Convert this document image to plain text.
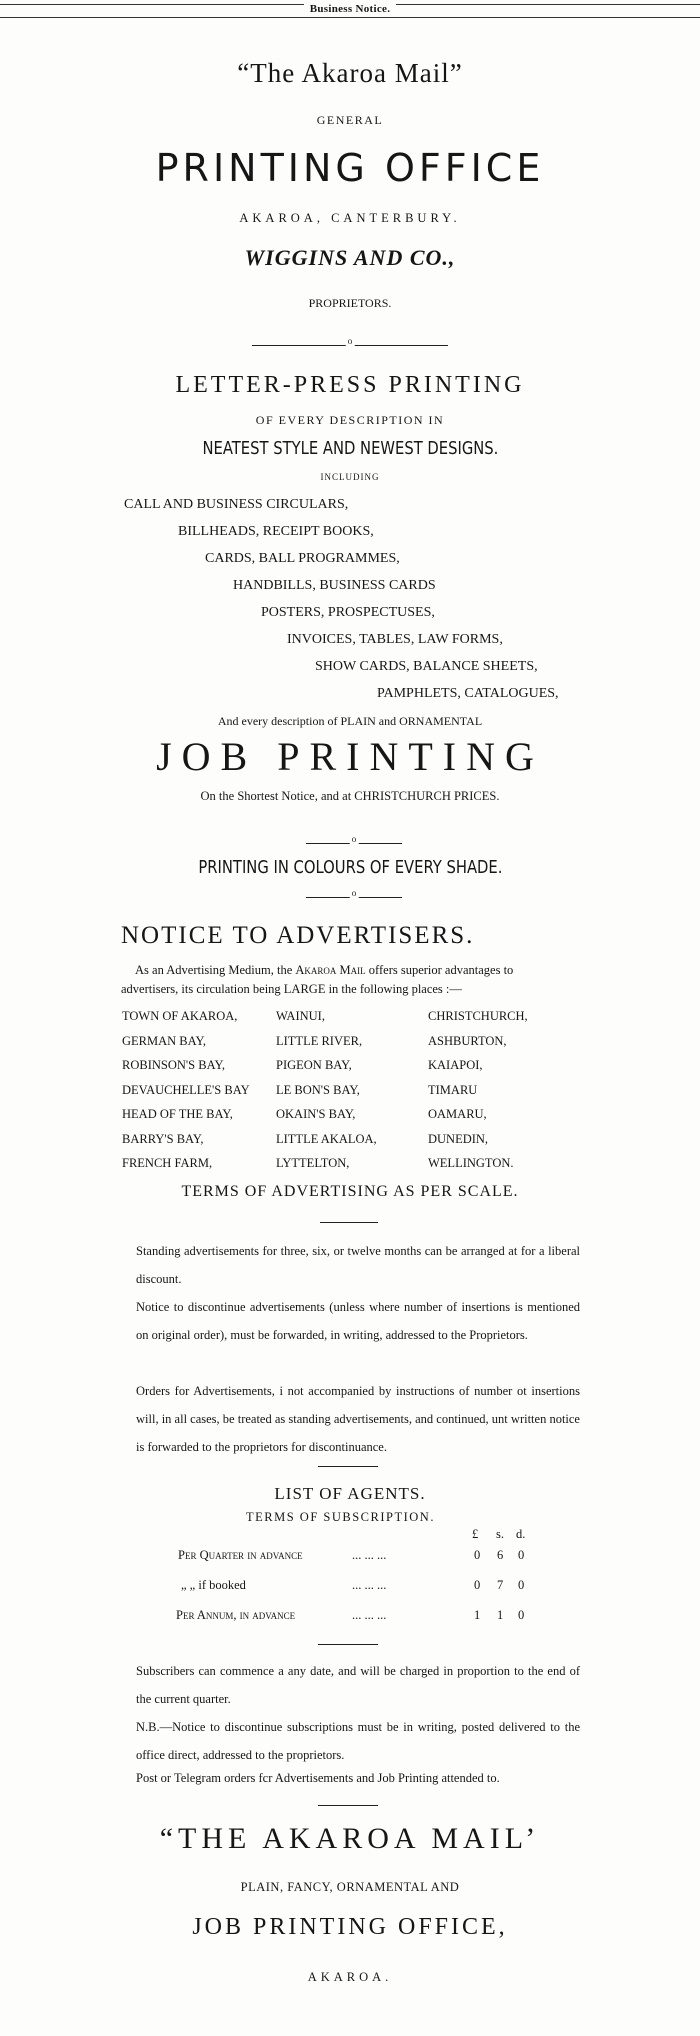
Business Notice.
“The Akaroa Mail”
GENERAL
PRINTING OFFICE
AKAROA, CANTERBURY.
WIGGINS AND CO.,
PROPRIETORS.
o
LETTER-PRESS PRINTING
OF EVERY DESCRIPTION IN
NEATEST STYLE AND NEWEST DESIGNS.
INCLUDING
CALL AND BUSINESS CIRCULARS,
BILLHEADS, RECEIPT BOOKS,
CARDS, BALL PROGRAMMES,
HANDBILLS, BUSINESS CARDS
POSTERS, PROSPECTUSES,
INVOICES, TABLES, LAW FORMS,
SHOW CARDS, BALANCE SHEETS,
PAMPHLETS, CATALOGUES,
And every description of PLAIN and ORNAMENTAL
JOB PRINTING
On the Shortest Notice, and at CHRISTCHURCH PRICES.
o
PRINTING IN COLOURS OF EVERY SHADE.
o
NOTICE TO ADVERTISERS.
As an Advertising Medium, the Akaroa Mail offers superior advantages to
advertisers, its circulation being LARGE in the following places :—
TOWN OF AKAROA,	WAINUI,	CHRISTCHURCH,
GERMAN BAY,	LITTLE RIVER,	ASHBURTON,
ROBINSON'S BAY,	PIGEON BAY,	KAIAPOI,
DEVAUCHELLE'S BAY	LE BON'S BAY,	TIMARU
HEAD OF THE BAY,	OKAIN'S BAY,	OAMARU,
BARRY'S BAY,	LITTLE AKALOA,	DUNEDIN,
FRENCH FARM,	LYTTELTON,	WELLINGTON.
TERMS OF ADVERTISING AS PER SCALE.
Standing advertisements for three, six, or twelve months can be arranged at for a liberal discount.
Notice to discontinue advertisements (unless where number of insertions is mentioned on original order), must be forwarded, in writing, addressed to the Proprietors.
Orders for Advertisements, i not accompanied by instructions of number ot insertions will, in all cases, be treated as standing advertisements, and continued, unt written notice is forwarded to the proprietors for discontinuance.
LIST OF AGENTS.
TERMS OF SUBSCRIPTION.
£ s. d.
Per Quarter in advance	... ... ...	0 6 0
„ „ if booked	... ... ...	0 7 0
Per Annum, in advance	... ... ...	1 1 0
Subscribers can commence a any date, and will be charged in proportion to the end of the current quarter.
N.B.—Notice to discontinue subscriptions must be in writing, posted delivered to the office direct, addressed to the proprietors.
Post or Telegram orders fcr Advertisements and Job Printing attended to.
“THE AKAROA MAIL’
PLAIN, FANCY, ORNAMENTAL AND
JOB PRINTING OFFICE,
AKAROA.
